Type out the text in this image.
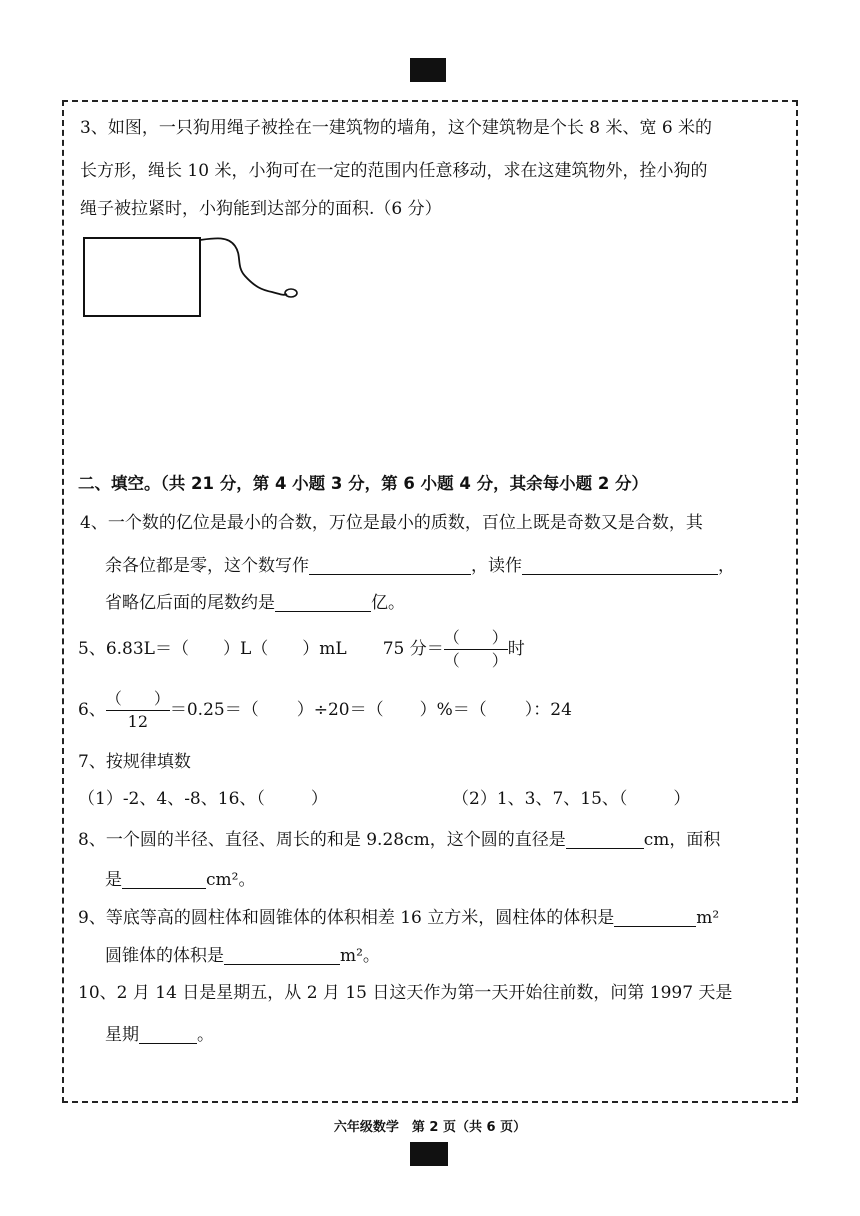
3、如图，一只狗用绳子被拴在一建筑物的墙角，这个建筑物是个长 8 米、宽 6 米的
长方形，绳长 10 米，小狗可在一定的范围内任意移动，求在这建筑物外，拴小狗的
绳子被拉紧时，小狗能到达部分的面积.（6 分）
二、填空。（共 21 分，第 4 小题 3 分，第 6 小题 4 分，其余每小题 2 分）
4、一个数的亿位是最小的合数，万位是最小的质数，百位上既是奇数又是合数，其
余各位都是零，这个数写作	，读作	，
省略亿后面的尾数约是	亿。
5、6.83L＝（ ）L（ ）mL 75 分＝ $\frac{( )}{( )}$ 时
6、 $\frac{( )}{12} =0.25=$（ ）÷20＝（ ）%＝（ ）：24
7、按规律填数
（1）-2、4、-8、16、（	）	（2）1、3、7、15、（	）
8、一个圆的半径、直径、周长的和是 9.28cm，这个圆的直径是	cm，面积
是	cm²。
9、等底等高的圆柱体和圆锥体的体积相差 16 立方米，圆柱体的体积是	m²
圆锥体的体积是	m²。
10、2 月 14 日是星期五，从 2 月 15 日这天作为第一天开始往前数，问第 1997 天是
星期	。
六年级数学　第 2 页（共 6 页）
